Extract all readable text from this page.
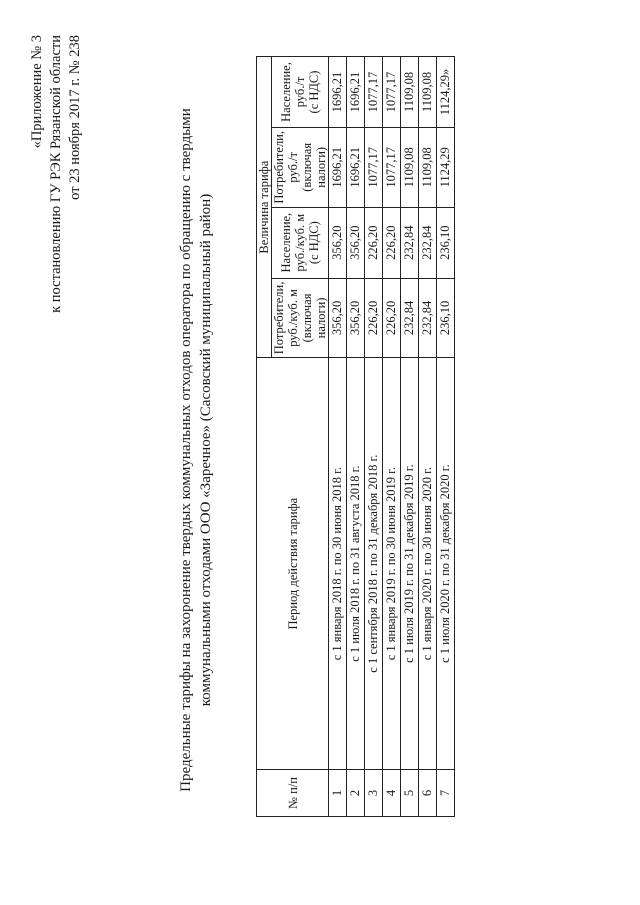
«Приложение № 3 к постановлению ГУ РЭК Рязанской области от 23 ноября 2017 г. № 238	Предельные тарифы на захоронение твердых коммунальных отходов оператора по обращению с твердыми коммунальными отходами ООО «Заречное» (Сасовский муниципальный район)
№ п/п	Период действия тарифа	Величина тарифа			

		Потребители, руб./куб. м (включая налоги)	Население, руб./куб. м (с НДС)	Потребители, руб./т (включая налоги)	Население, руб./т (с НДС)

1	с 1 января 2018 г. по 30 июня 2018 г.	356,20	356,20	1696,21	1696,21
2	с 1 июля 2018 г. по 31 августа 2018 г.	356,20	356,20	1696,21	1696,21
3	с 1 сентября 2018 г. по 31 декабря 2018 г.	226,20	226,20	1077,17	1077,17
4	с 1 января 2019 г. по 30 июня 2019 г.	226,20	226,20	1077,17	1077,17
5	с 1 июля 2019 г. по 31 декабря 2019 г.	232,84	232,84	1109,08	1109,08
6	с 1 января 2020 г. по 30 июня 2020 г.	232,84	232,84	1109,08	1109,08
7	с 1 июля 2020 г. по 31 декабря 2020 г.	236,10	236,10	1124,29	1124,29»
